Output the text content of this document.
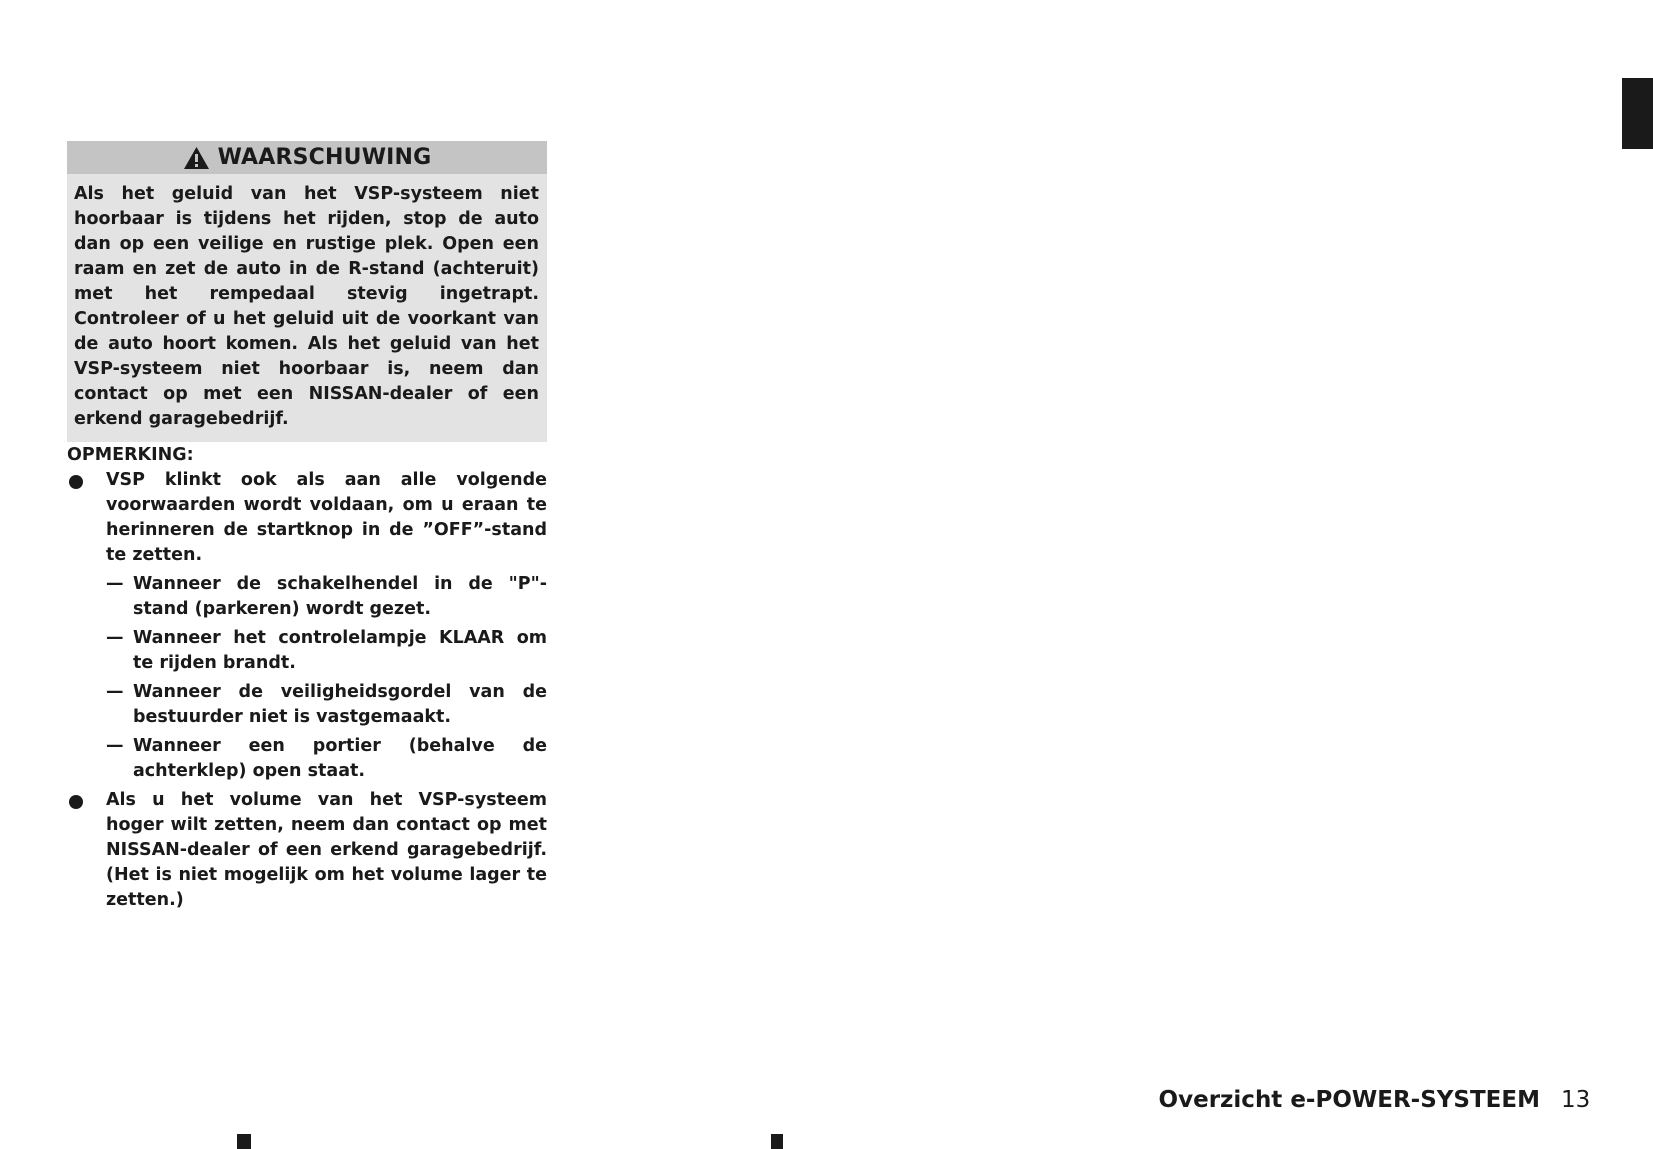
WAARSCHUWING
Als het geluid van het VSP-systeem niet hoorbaar is tijdens het rijden, stop de auto dan op een veilige en rustige plek. Open een raam en zet de auto in de R-stand (achteruit) met het rempedaal stevig ingetrapt. Controleer of u het geluid uit de voorkant van de auto hoort komen. Als het geluid van het VSP-systeem niet hoorbaar is, neem dan contact op met een NISSAN-dealer of een erkend garagebedrijf.
OPMERKING:
VSP klinkt ook als aan alle volgende voorwaarden wordt voldaan, om u eraan te herinneren de startknop in de ”OFF”-stand te zetten.
— Wanneer de schakelhendel in de "P"-stand (parkeren) wordt gezet.
— Wanneer het controlelampje KLAAR om te rijden brandt.
— Wanneer de veiligheidsgordel van de bestuurder niet is vastgemaakt.
— Wanneer een portier (behalve de achterklep) open staat.
Als u het volume van het VSP-systeem hoger wilt zetten, neem dan contact op met NISSAN-dealer of een erkend garagebedrijf. (Het is niet mogelijk om het volume lager te zetten.)
Overzicht e-POWER-SYSTEEM 13
